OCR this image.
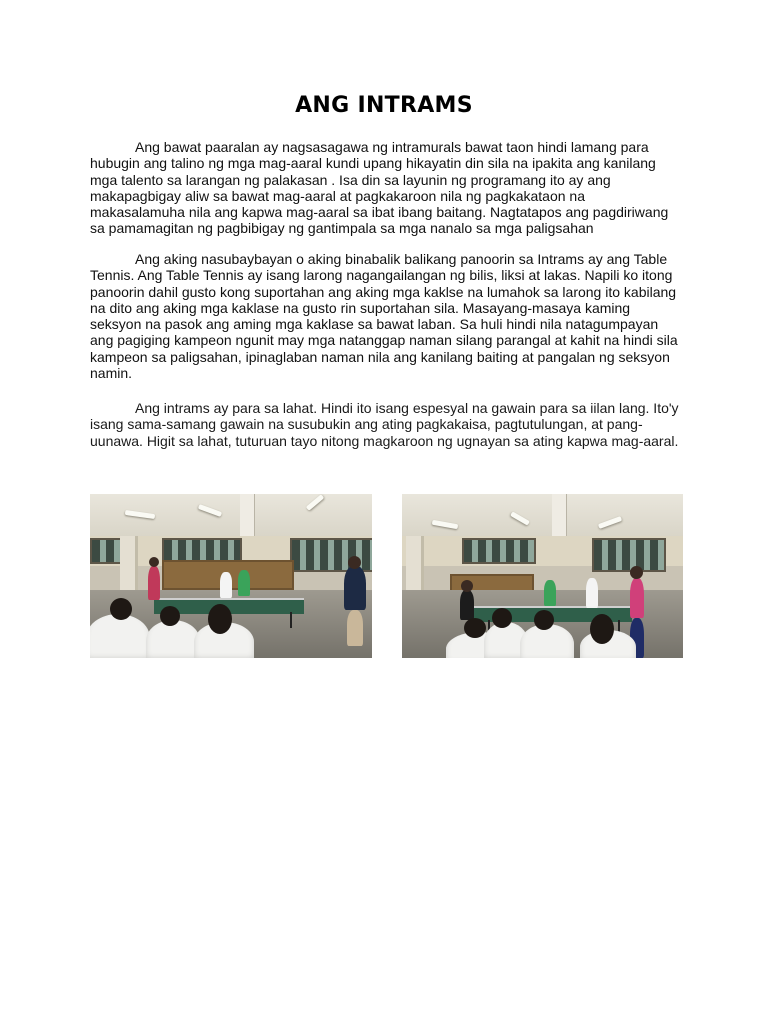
ANG INTRAMS

Ang bawat paaralan ay nagsasagawa ng intramurals bawat taon hindi lamang para hubugin ang talino ng mga mag-aaral kundi upang hikayatin din sila na ipakita ang kanilang mga talento sa larangan ng palakasan . Isa din sa layunin ng programang ito ay ang makapagbigay aliw sa bawat mag-aaral at pagkakaroon nila ng pagkakataon na makasalamuha nila ang kapwa mag-aaral sa ibat ibang baitang. Nagtatapos ang pagdiriwang sa pamamagitan ng pagbibigay ng gantimpala sa mga nanalo sa mga paligsahan

Ang aking nasubaybayan o aking binabalik balikang panoorin sa Intrams ay ang Table Tennis. Ang Table Tennis ay isang larong nagangailangan ng bilis, liksi at lakas. Napili ko itong panoorin dahil gusto kong suportahan ang aking mga kaklse na lumahok sa larong ito kabilang na dito ang aking mga kaklase na gusto rin suportahan sila. Masayang-masaya kaming seksyon na pasok ang aming mga kaklase sa bawat laban. Sa huli hindi nila natagumpayan ang pagiging kampeon ngunit may mga natanggap naman silang parangal at kahit na hindi sila kampeon sa paligsahan, ipinaglaban naman nila ang kanilang baiting at pangalan ng seksyon namin.

Ang intrams ay para sa lahat. Hindi ito isang espesyal na gawain para sa iilan lang. Ito'y isang sama-samang gawain na susubukin ang ating pagkakaisa, pagtutulungan, at pang-uunawa. Higit sa lahat, tuturuan tayo nitong magkaroon ng ugnayan sa ating kapwa mag-aaral.
